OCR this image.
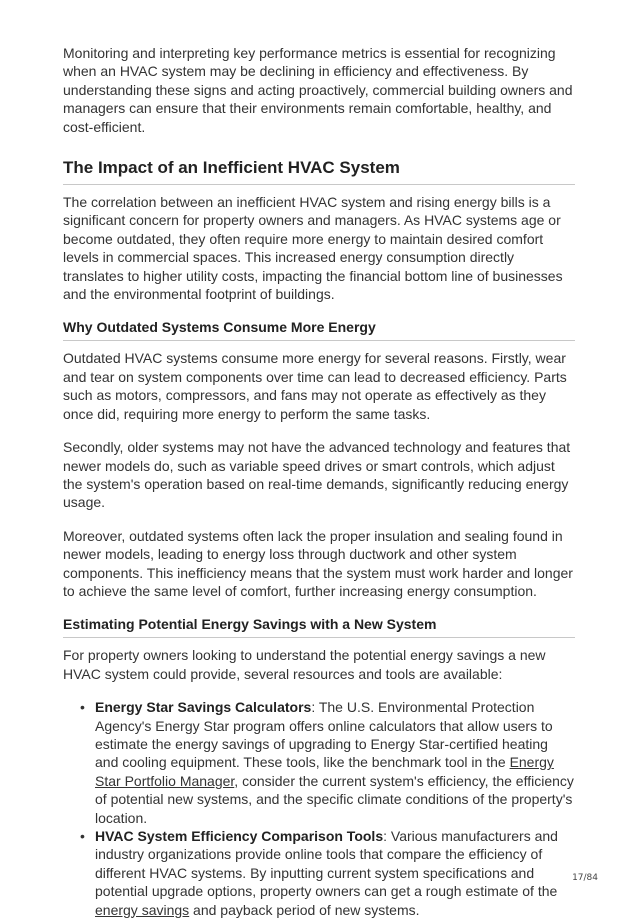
Monitoring and interpreting key performance metrics is essential for recognizing when an HVAC system may be declining in efficiency and effectiveness. By understanding these signs and acting proactively, commercial building owners and managers can ensure that their environments remain comfortable, healthy, and cost-efficient.

The Impact of an Inefficient HVAC System

The correlation between an inefficient HVAC system and rising energy bills is a significant concern for property owners and managers. As HVAC systems age or become outdated, they often require more energy to maintain desired comfort levels in commercial spaces. This increased energy consumption directly translates to higher utility costs, impacting the financial bottom line of businesses and the environmental footprint of buildings.

Why Outdated Systems Consume More Energy

Outdated HVAC systems consume more energy for several reasons. Firstly, wear and tear on system components over time can lead to decreased efficiency. Parts such as motors, compressors, and fans may not operate as effectively as they once did, requiring more energy to perform the same tasks.

Secondly, older systems may not have the advanced technology and features that newer models do, such as variable speed drives or smart controls, which adjust the system's operation based on real-time demands, significantly reducing energy usage.

Moreover, outdated systems often lack the proper insulation and sealing found in newer models, leading to energy loss through ductwork and other system components. This inefficiency means that the system must work harder and longer to achieve the same level of comfort, further increasing energy consumption.

Estimating Potential Energy Savings with a New System

For property owners looking to understand the potential energy savings a new HVAC system could provide, several resources and tools are available:

• Energy Star Savings Calculators: The U.S. Environmental Protection Agency's Energy Star program offers online calculators that allow users to estimate the energy savings of upgrading to Energy Star-certified heating and cooling equipment. These tools, like the benchmark tool in the Energy Star Portfolio Manager, consider the current system's efficiency, the efficiency of potential new systems, and the specific climate conditions of the property's location.
• HVAC System Efficiency Comparison Tools: Various manufacturers and industry organizations provide online tools that compare the efficiency of different HVAC systems. By inputting current system specifications and potential upgrade options, property owners can get a rough estimate of the energy savings and payback period of new systems.
17/84
